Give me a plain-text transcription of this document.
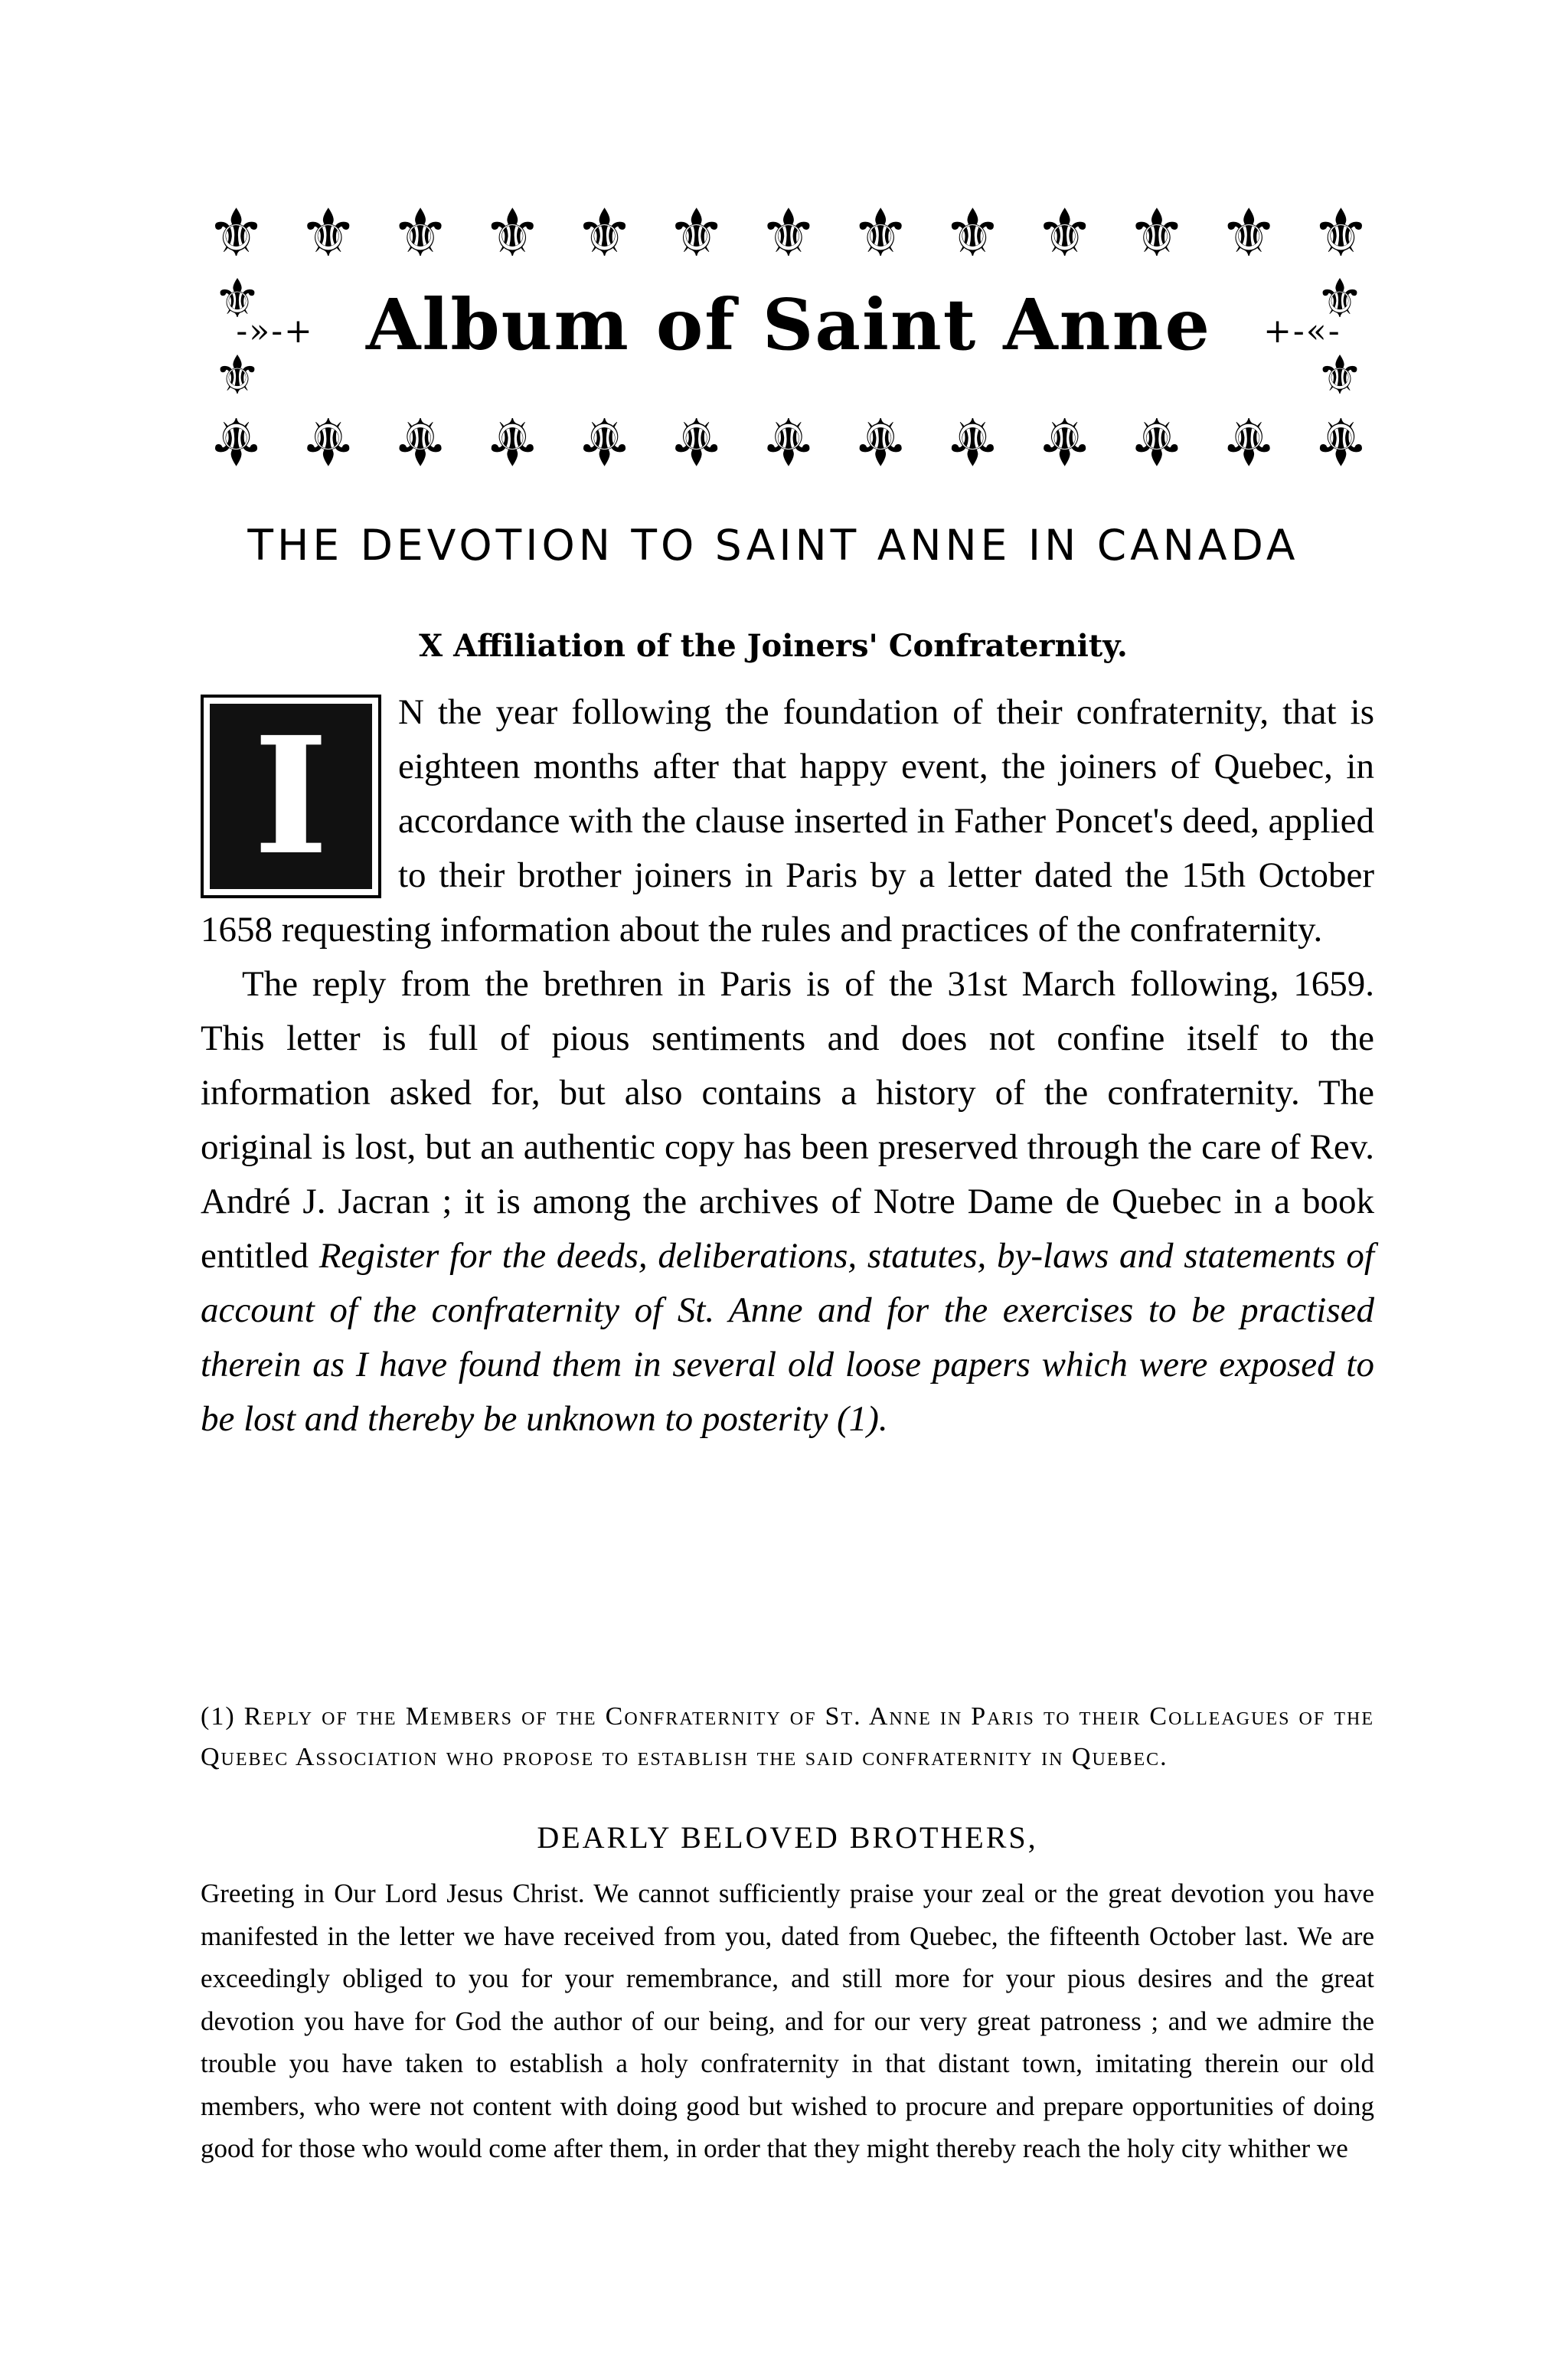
⚜ ⚜ ⚜ ⚜ ⚜ ⚜ ⚜ ⚜ ⚜ ⚜ ⚜ ⚜ ⚜
⚜
⚜
⚜
⚜
-»-+ Album of Saint Anne +-«-
⚜ ⚜ ⚜ ⚜ ⚜ ⚜ ⚜ ⚜ ⚜ ⚜ ⚜ ⚜ ⚜
THE DEVOTION TO SAINT ANNE IN CANADA
X Affiliation of the Joiners' Confraternity.
I	N the year following the foundation of their confraternity, that is eighteen months after that happy event, the joiners of Quebec, in accordance with the clause inserted in Father Poncet's deed, applied to their brother joiners in Paris by a letter dated the 15th October 1658 requesting information about the rules and practices of the confraternity.

The reply from the brethren in Paris is of the 31st March following, 1659. This letter is full of pious sentiments and does not confine itself to the information asked for, but also contains a history of the confraternity. The original is lost, but an authentic copy has been preserved through the care of Rev. André J. Jacran ; it is among the archives of Notre Dame de Quebec in a book entitled Register for the deeds, deliberations, statutes, by-laws and statements of account of the confraternity of St. Anne and for the exercises to be practised therein as I have found them in several old loose papers which were exposed to be lost and thereby be unknown to posterity (1).

(1) Reply of the Members of the Confraternity of St. Anne in Paris to their Colleagues of the Quebec Association who propose to establish the said confraternity in Quebec.
DEARLY BELOVED BROTHERS,

Greeting in Our Lord Jesus Christ. We cannot sufficiently praise your zeal or the great devotion you have manifested in the letter we have received from you, dated from Quebec, the fifteenth October last. We are exceedingly obliged to you for your remembrance, and still more for your pious desires and the great devotion you have for God the author of our being, and for our very great patroness ; and we admire the trouble you have taken to establish a holy confraternity in that distant town, imitating therein our old members, who were not content with doing good but wished to procure and prepare opportunities of doing good for those who would come after them, in order that they might thereby reach the holy city whither we
